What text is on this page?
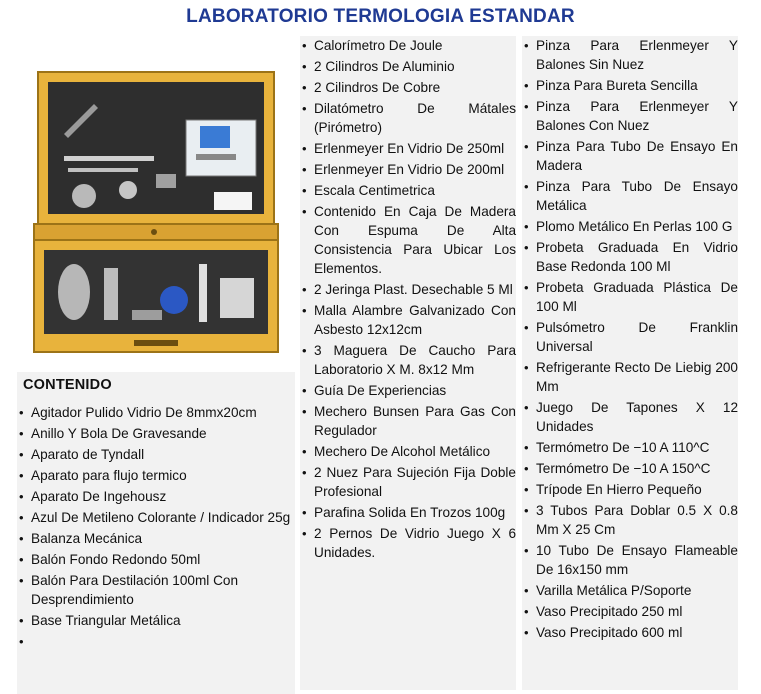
LABORATORIO TERMOLOGIA ESTANDAR
CONTENIDO
• Agitador Pulido Vidrio De 8mmx20cm
• Anillo Y Bola De Gravesande
• Aparato de Tyndall
• Aparato para flujo termico
• Aparato De Ingehousz
• Azul De Metileno Colorante / Indicador 25g
• Balanza Mecánica
• Balón Fondo Redondo 50ml
• Balón Para Destilación 100ml Con Desprendimiento
• Base Triangular Metálica
•
• Calorímetro De Joule
• 2 Cilindros De Aluminio
• 2 Cilindros De Cobre
• Dilatómetro De Mátales (Pirómetro)
• Erlenmeyer En Vidrio De 250ml
• Erlenmeyer En Vidrio De 200ml
• Escala Centimetrica
• Contenido En Caja De Madera Con Espuma De Alta Consistencia Para Ubicar Los Elementos.
• 2 Jeringa Plast. Desechable 5 Ml
• Malla Alambre Galvanizado Con Asbesto 12x12cm
• 3 Maguera De Caucho Para Laboratorio X M. 8x12 Mm
• Guía De Experiencias
• Mechero Bunsen Para Gas Con Regulador
• Mechero De Alcohol Metálico
• 2 Nuez Para Sujeción Fija Doble Profesional
• Parafina Solida En Trozos 100g
• 2 Pernos De Vidrio Juego X 6 Unidades.
• Pinza Para Erlenmeyer Y Balones Sin Nuez
• Pinza Para Bureta Sencilla
• Pinza Para Erlenmeyer Y Balones Con Nuez
• Pinza Para Tubo De Ensayo En Madera
• Pinza Para Tubo De Ensayo Metálica
• Plomo Metálico En Perlas 100 G
• Probeta Graduada En Vidrio Base Redonda 100 Ml
• Probeta Graduada Plástica De 100 Ml
• Pulsómetro De Franklin Universal
• Refrigerante Recto De Liebig 200 Mm
• Juego De Tapones X 12 Unidades
• Termómetro De −10 A 110^C
• Termómetro De −10 A 150^C
• Trípode En Hierro Pequeño
• 3 Tubos Para Doblar 0.5 X 0.8 Mm X 25 Cm
• 10 Tubo De Ensayo Flameable De 16x150 mm
• Varilla Metálica P/Soporte
• Vaso Precipitado 250 ml
• Vaso Precipitado 600 ml
